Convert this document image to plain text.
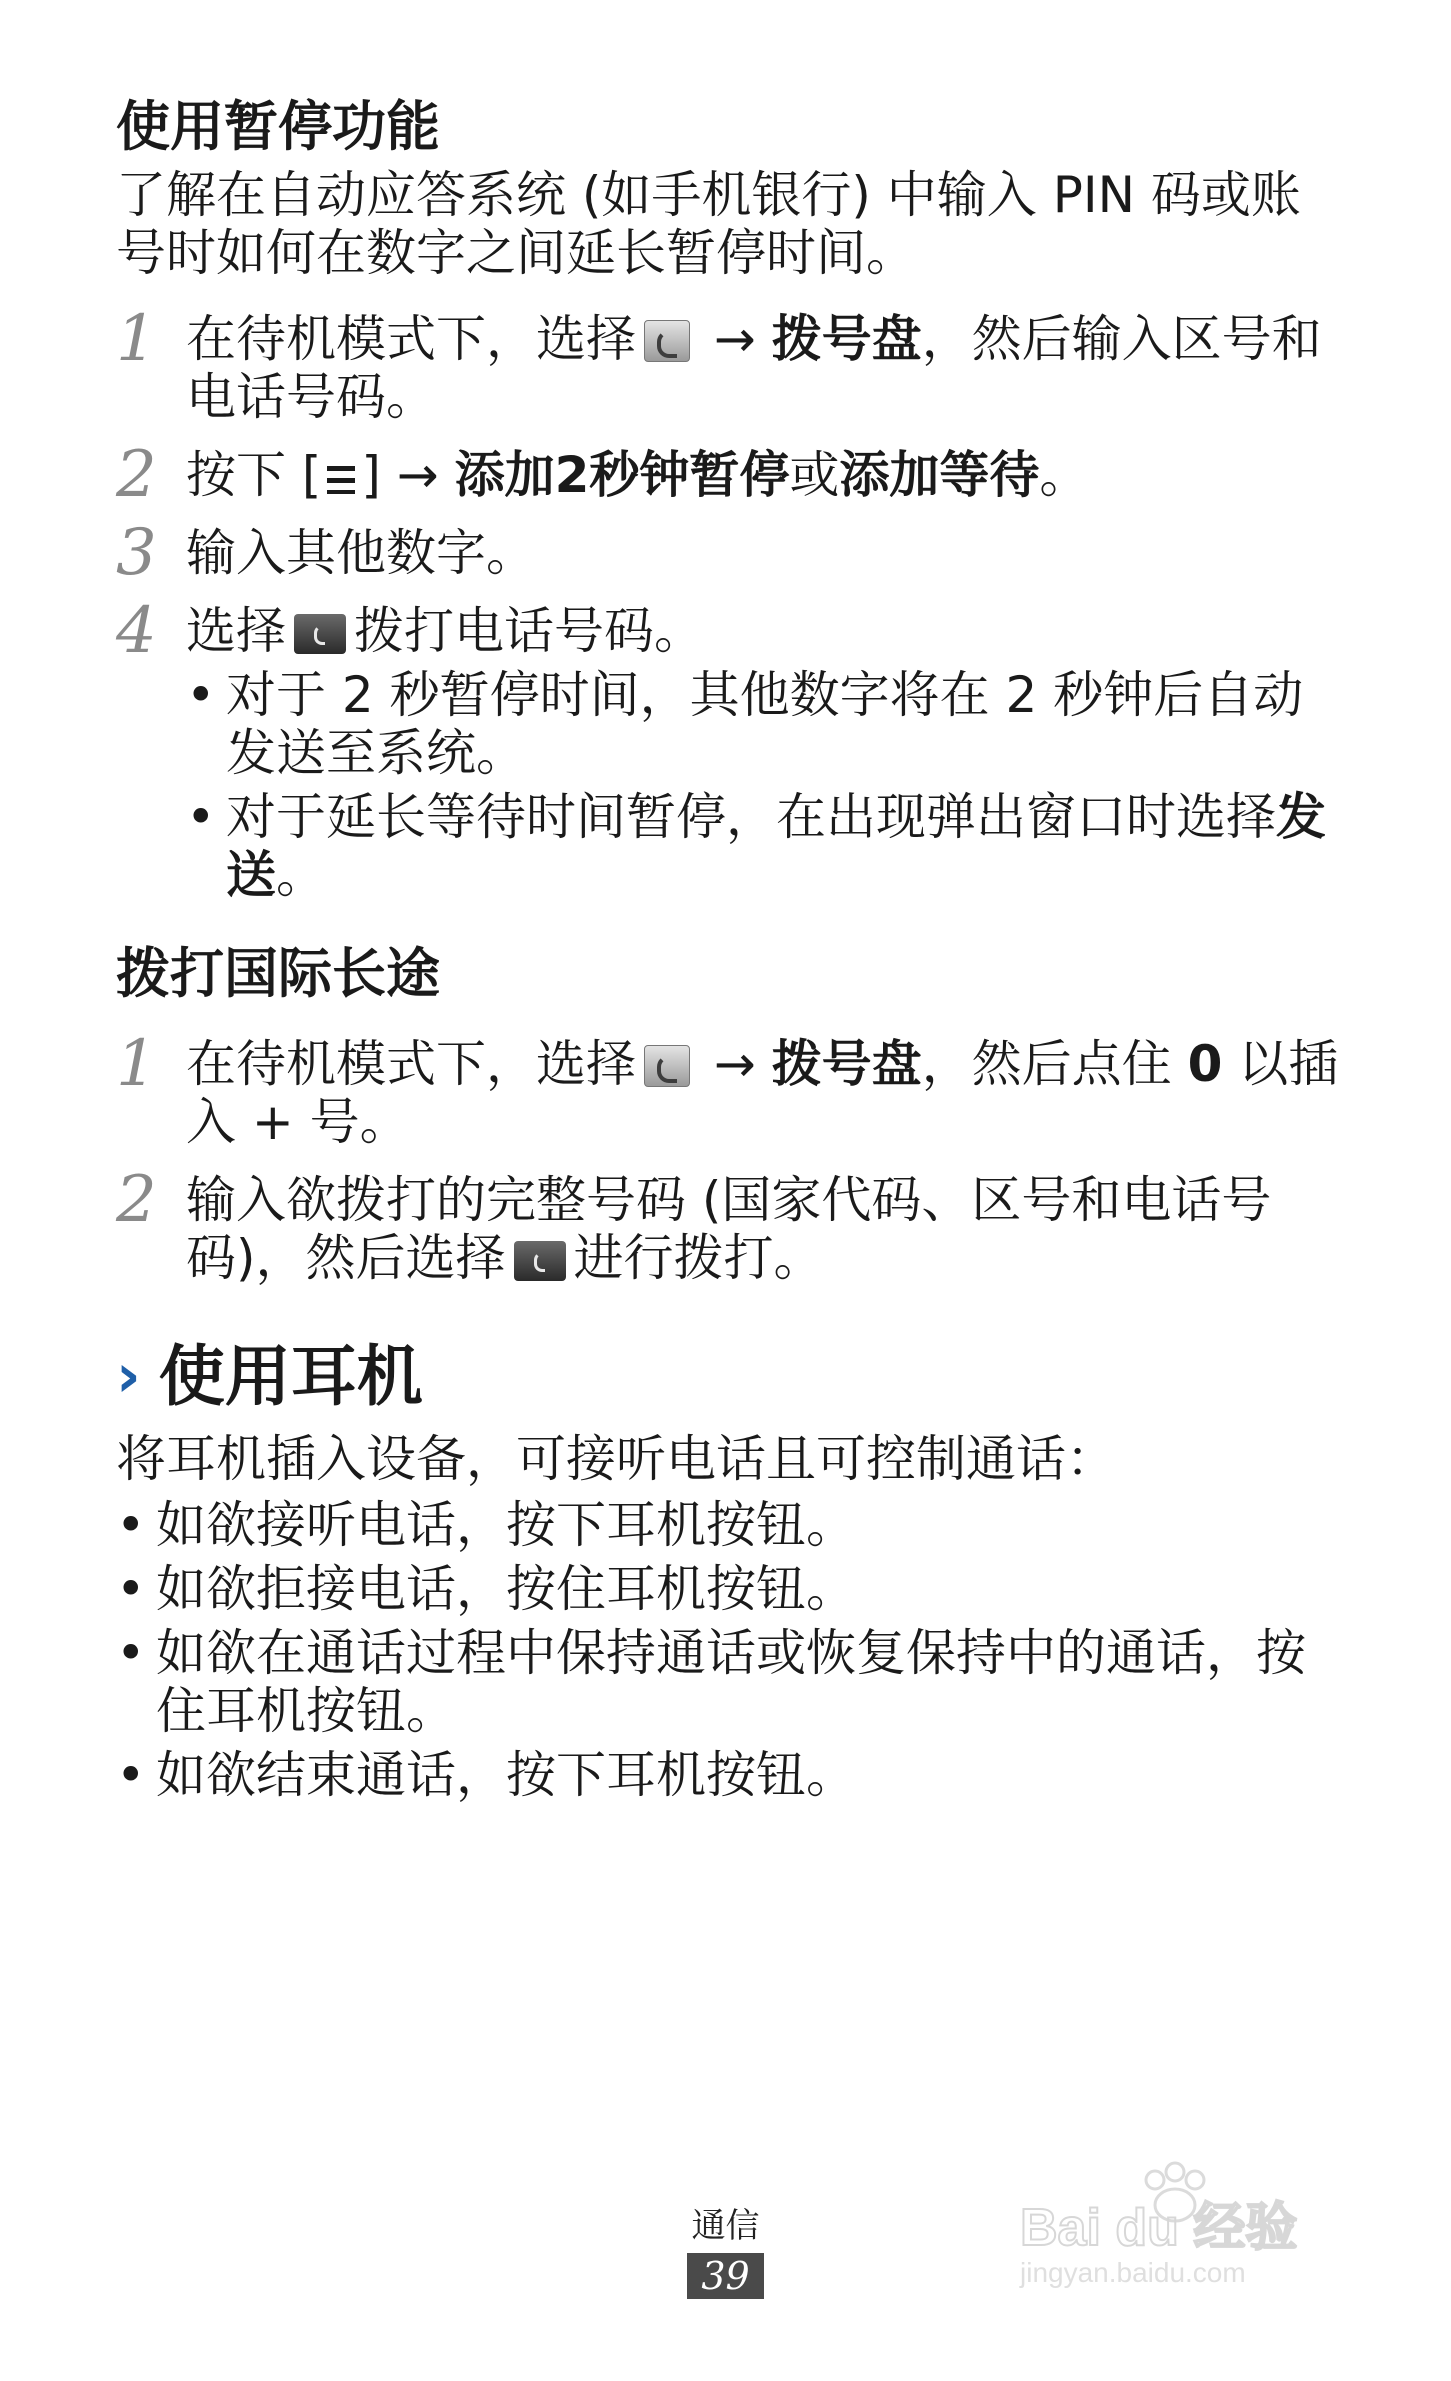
使用暂停功能

了解在自动应答系统 (如手机银行) 中输入 PIN 码或账号时如何在数字之间延长暂停时间。

1 在待机模式下，选择 → 拨号盘，然后输入区号和电话号码。
2 按下 [ ] → 添加2秒钟暂停或添加等待。
3 输入其他数字。
4 选择 拨打电话号码。
• 对于 2 秒暂停时间，其他数字将在 2 秒钟后自动发送至系统。
• 对于延长等待时间暂停，在出现弹出窗口时选择发送。
拨打国际长途
1 在待机模式下，选择 → 拨号盘，然后点住 0 以插入 + 号。
2 输入欲拨打的完整号码 (国家代码、区号和电话号码)，然后选择 进行拨打。
› 使用耳机

将耳机插入设备，可接听电话且可控制通话：

• 如欲接听电话，按下耳机按钮。
• 如欲拒接电话，按住耳机按钮。
• 如欲在通话过程中保持通话或恢复保持中的通话，按住耳机按钮。
• 如欲结束通话，按下耳机按钮。
通信
39
Bai du 经验
jingyan.baidu.com
